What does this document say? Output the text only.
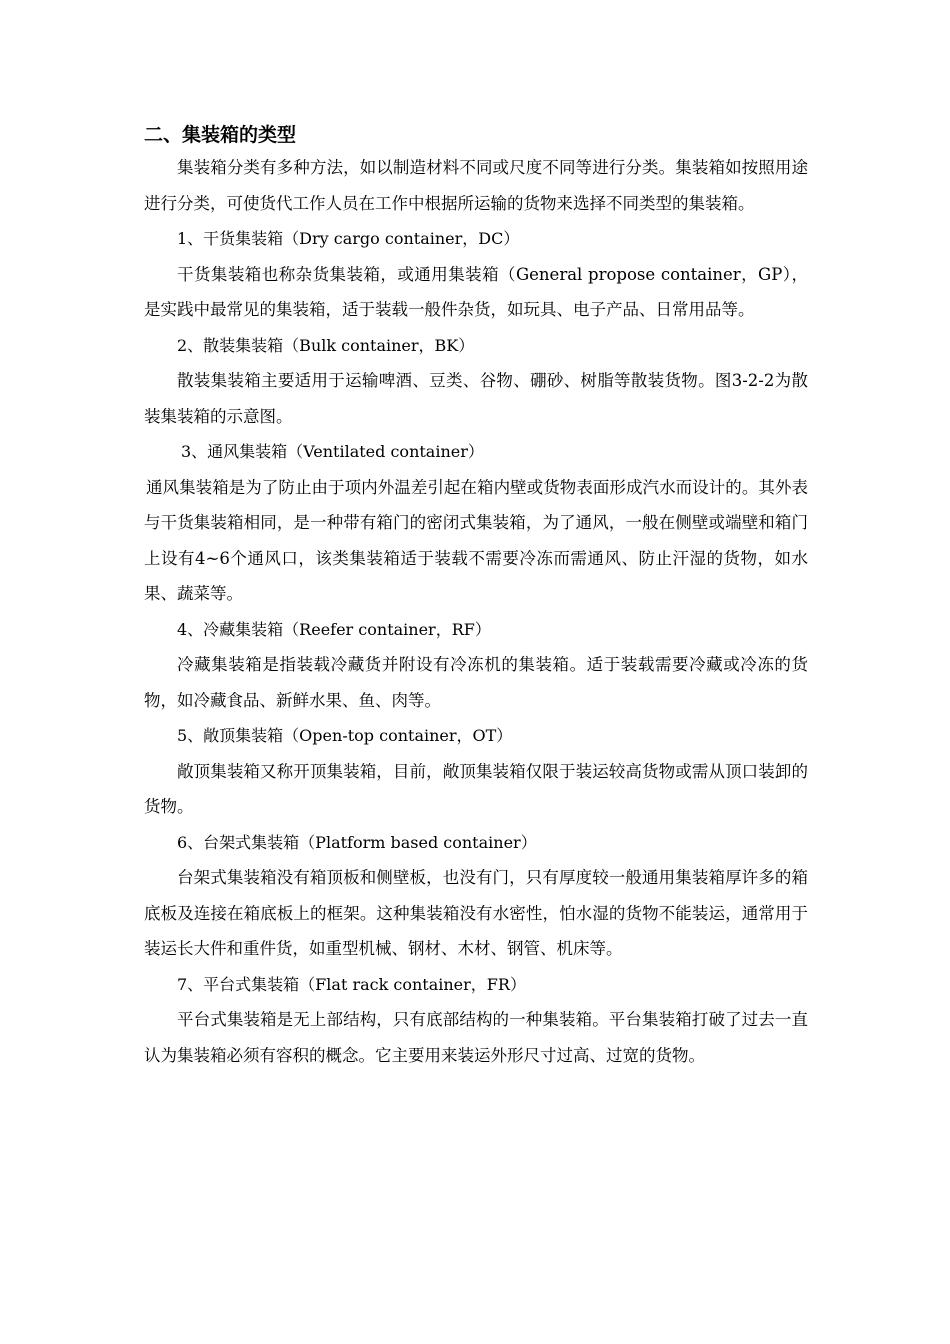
二、集装箱的类型

集装箱分类有多种方法，如以制造材料不同或尺度不同等进行分类。集装箱如按照用途进行分类，可使货代工作人员在工作中根据所运输的货物来选择不同类型的集装箱。

1、干货集装箱（Dry cargo container，DC）

干货集装箱也称杂货集装箱，或通用集装箱（General propose container，GP），是实践中最常见的集装箱，适于装载一般件杂货，如玩具、电子产品、日常用品等。

2、散装集装箱（Bulk container，BK）

散装集装箱主要适用于运输啤酒、豆类、谷物、硼砂、树脂等散装货物。图3-2-2为散装集装箱的示意图。

3、通风集装箱（Ventilated container）

通风集装箱是为了防止由于项内外温差引起在箱内壁或货物表面形成汽水而设计的。其外表与干货集装箱相同，是一种带有箱门的密闭式集装箱，为了通风，一般在侧壁或端壁和箱门上设有4~6个通风口，该类集装箱适于装载不需要冷冻而需通风、防止汗湿的货物，如水果、蔬菜等。

4、冷藏集装箱（Reefer container，RF）

冷藏集装箱是指装载冷藏货并附设有冷冻机的集装箱。适于装载需要冷藏或冷冻的货物，如冷藏食品、新鲜水果、鱼、肉等。

5、敞顶集装箱（Open-top container，OT）

敞顶集装箱又称开顶集装箱，目前，敞顶集装箱仅限于装运较高货物或需从顶口装卸的货物。

6、台架式集装箱（Platform based container）

台架式集装箱没有箱顶板和侧壁板，也没有门，只有厚度较一般通用集装箱厚许多的箱底板及连接在箱底板上的框架。这种集装箱没有水密性，怕水湿的货物不能装运，通常用于装运长大件和重件货，如重型机械、钢材、木材、钢管、机床等。

7、平台式集装箱（Flat rack container，FR）

平台式集装箱是无上部结构，只有底部结构的一种集装箱。平台集装箱打破了过去一直认为集装箱必须有容积的概念。它主要用来装运外形尺寸过高、过宽的货物。
